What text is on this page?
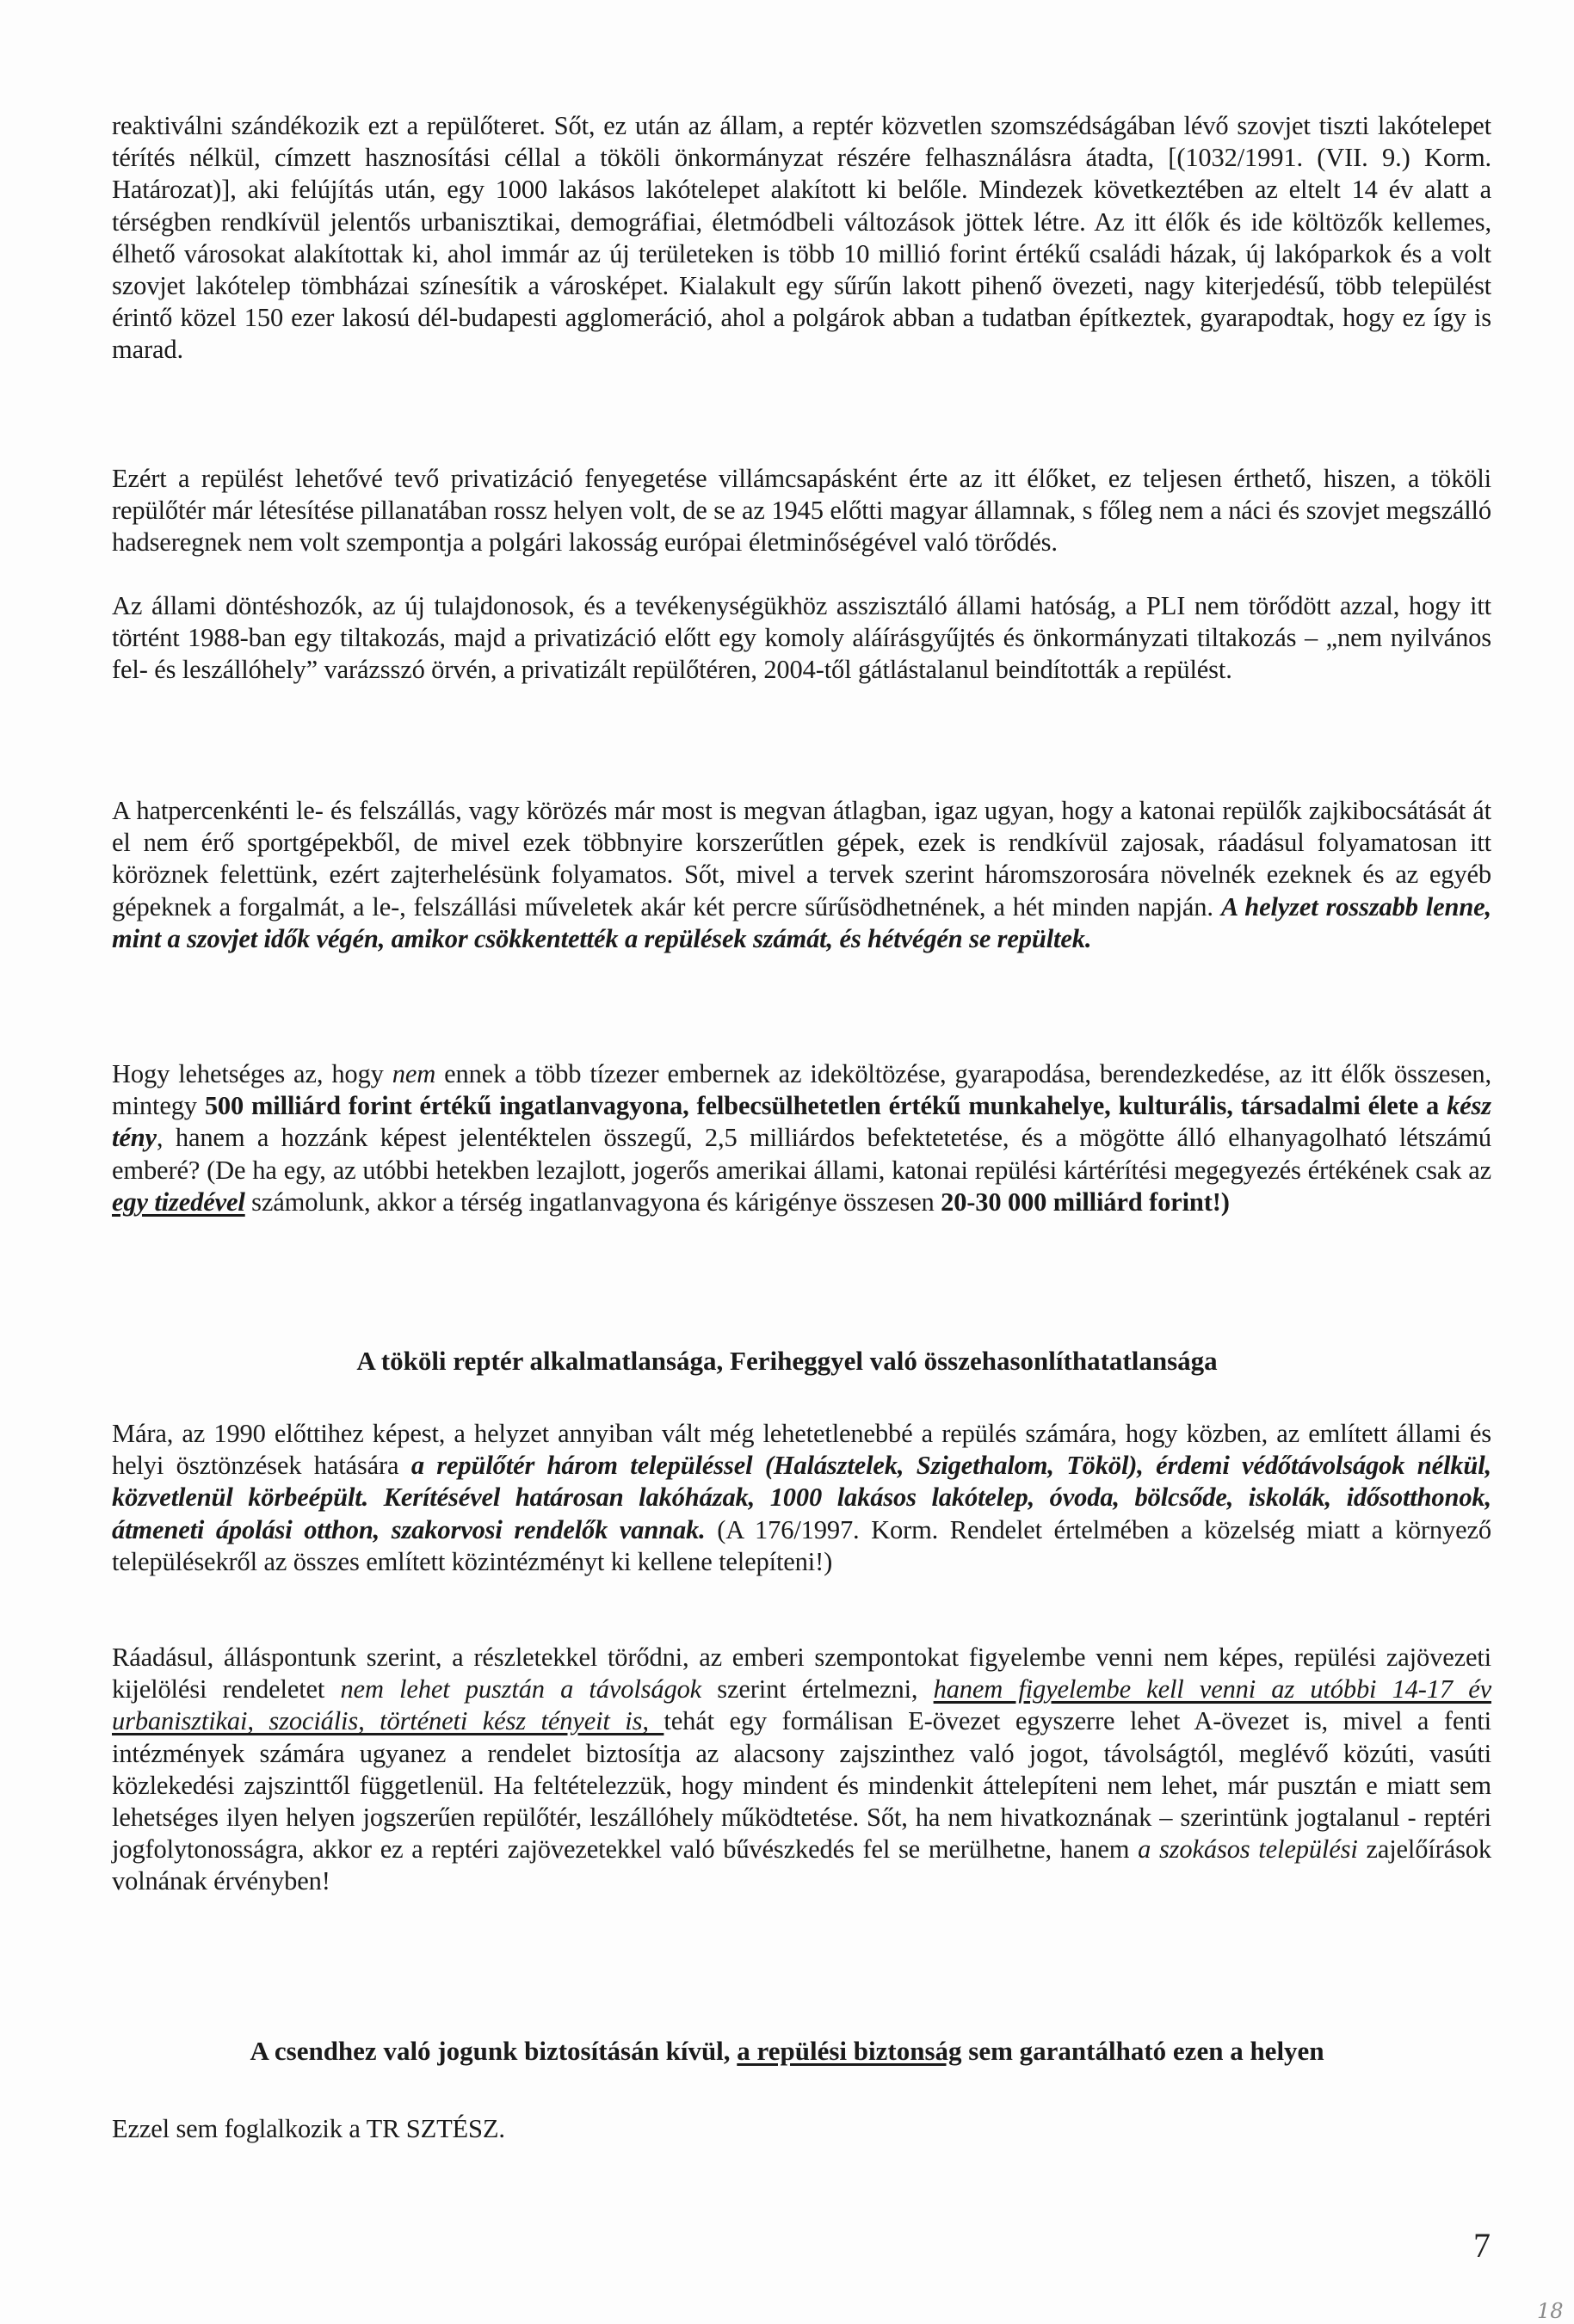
reaktiválni szándékozik ezt a repülőteret. Sőt, ez után az állam, a reptér közvetlen szomszédságában lévő szovjet tiszti lakótelepet térítés nélkül, címzett hasznosítási céllal a tököli önkormányzat részére felhasználásra átadta, [(1032/1991. (VII. 9.) Korm. Határozat)], aki felújítás után, egy 1000 lakásos lakótelepet alakított ki belőle. Mindezek következtében az eltelt 14 év alatt a térségben rendkívül jelentős urbanisztikai, demográfiai, életmódbeli változások jöttek létre. Az itt élők és ide költözők kellemes, élhető városokat alakítottak ki, ahol immár az új területeken is több 10 millió forint értékű családi házak, új lakóparkok és a volt szovjet lakótelep tömbházai színesítik a városképet. Kialakult egy sűrűn lakott pihenő övezeti, nagy kiterjedésű, több települést érintő közel 150 ezer lakosú dél-budapesti agglomeráció, ahol a polgárok abban a tudatban építkeztek, gyarapodtak, hogy ez így is marad.

Ezért a repülést lehetővé tevő privatizáció fenyegetése villámcsapásként érte az itt élőket, ez teljesen érthető, hiszen, a tököli repülőtér már létesítése pillanatában rossz helyen volt, de se az 1945 előtti magyar államnak, s főleg nem a náci és szovjet megszálló hadseregnek nem volt szempontja a polgári lakosság európai életminőségével való törődés.

Az állami döntéshozók, az új tulajdonosok, és a tevékenységükhöz asszisztáló állami hatóság, a PLI nem törődött azzal, hogy itt történt 1988-ban egy tiltakozás, majd a privatizáció előtt egy komoly aláírásgyűjtés és önkormányzati tiltakozás – „nem nyilvános fel- és leszállóhely” varázsszó örvén, a privatizált repülőtéren, 2004-től gátlástalanul beindították a repülést.

A hatpercenkénti le- és felszállás, vagy körözés már most is megvan átlagban, igaz ugyan, hogy a katonai repülők zajkibocsátását át el nem érő sportgépekből, de mivel ezek többnyire korszerűtlen gépek, ezek is rendkívül zajosak, ráadásul folyamatosan itt köröznek felettünk, ezért zajterhelésünk folyamatos. Sőt, mivel a tervek szerint háromszorosára növelnék ezeknek és az egyéb gépeknek a forgalmát, a le-, felszállási műveletek akár két percre sűrűsödhetnének, a hét minden napján. A helyzet rosszabb lenne, mint a szovjet idők végén, amikor csökkentették a repülések számát, és hétvégén se repültek.

Hogy lehetséges az, hogy nem ennek a több tízezer embernek az ideköltözése, gyarapodása, berendezkedése, az itt élők összesen, mintegy 500 milliárd forint értékű ingatlanvagyona, felbecsülhetetlen értékű munkahelye, kulturális, társadalmi élete a kész tény, hanem a hozzánk képest jelentéktelen összegű, 2,5 milliárdos befektetetése, és a mögötte álló elhanyagolható létszámú emberé? (De ha egy, az utóbbi hetekben lezajlott, jogerős amerikai állami, katonai repülési kártérítési megegyezés értékének csak az egy tizedével számolunk, akkor a térség ingatlanvagyona és kárigénye összesen 20-30 000 milliárd forint!)

A tököli reptér alkalmatlansága, Feriheggyel való összehasonlíthatatlansága

Mára, az 1990 előttihez képest, a helyzet annyiban vált még lehetetlenebbé a repülés számára, hogy közben, az említett állami és helyi ösztönzések hatására a repülőtér három településsel (Halásztelek, Szigethalom, Tököl), érdemi védőtávolságok nélkül, közvetlenül körbeépült. Kerítésével határosan lakóházak, 1000 lakásos lakótelep, óvoda, bölcsőde, iskolák, idősotthonok, átmeneti ápolási otthon, szakorvosi rendelők vannak. (A 176/1997. Korm. Rendelet értelmében a közelség miatt a környező településekről az összes említett közintézményt ki kellene telepíteni!)

Ráadásul, álláspontunk szerint, a részletekkel törődni, az emberi szempontokat figyelembe venni nem képes, repülési zajövezeti kijelölési rendeletet nem lehet pusztán a távolságok szerint értelmezni, hanem figyelembe kell venni az utóbbi 14-17 év urbanisztikai, szociális, történeti kész tényeit is, tehát egy formálisan E-övezet egyszerre lehet A-övezet is, mivel a fenti intézmények számára ugyanez a rendelet biztosítja az alacsony zajszinthez való jogot, távolságtól, meglévő közúti, vasúti közlekedési zajszinttől függetlenül. Ha feltételezzük, hogy mindent és mindenkit áttelepíteni nem lehet, már pusztán e miatt sem lehetséges ilyen helyen jogszerűen repülőtér, leszállóhely működtetése. Sőt, ha nem hivatkoznának – szerintünk jogtalanul - reptéri jogfolytonosságra, akkor ez a reptéri zajövezetekkel való bűvészkedés fel se merülhetne, hanem a szokásos települési zajelőírások volnának érvényben!

A csendhez való jogunk biztosításán kívül, a repülési biztonság sem garantálható ezen a helyen

Ezzel sem foglalkozik a TR SZTÉSZ.

7
18
